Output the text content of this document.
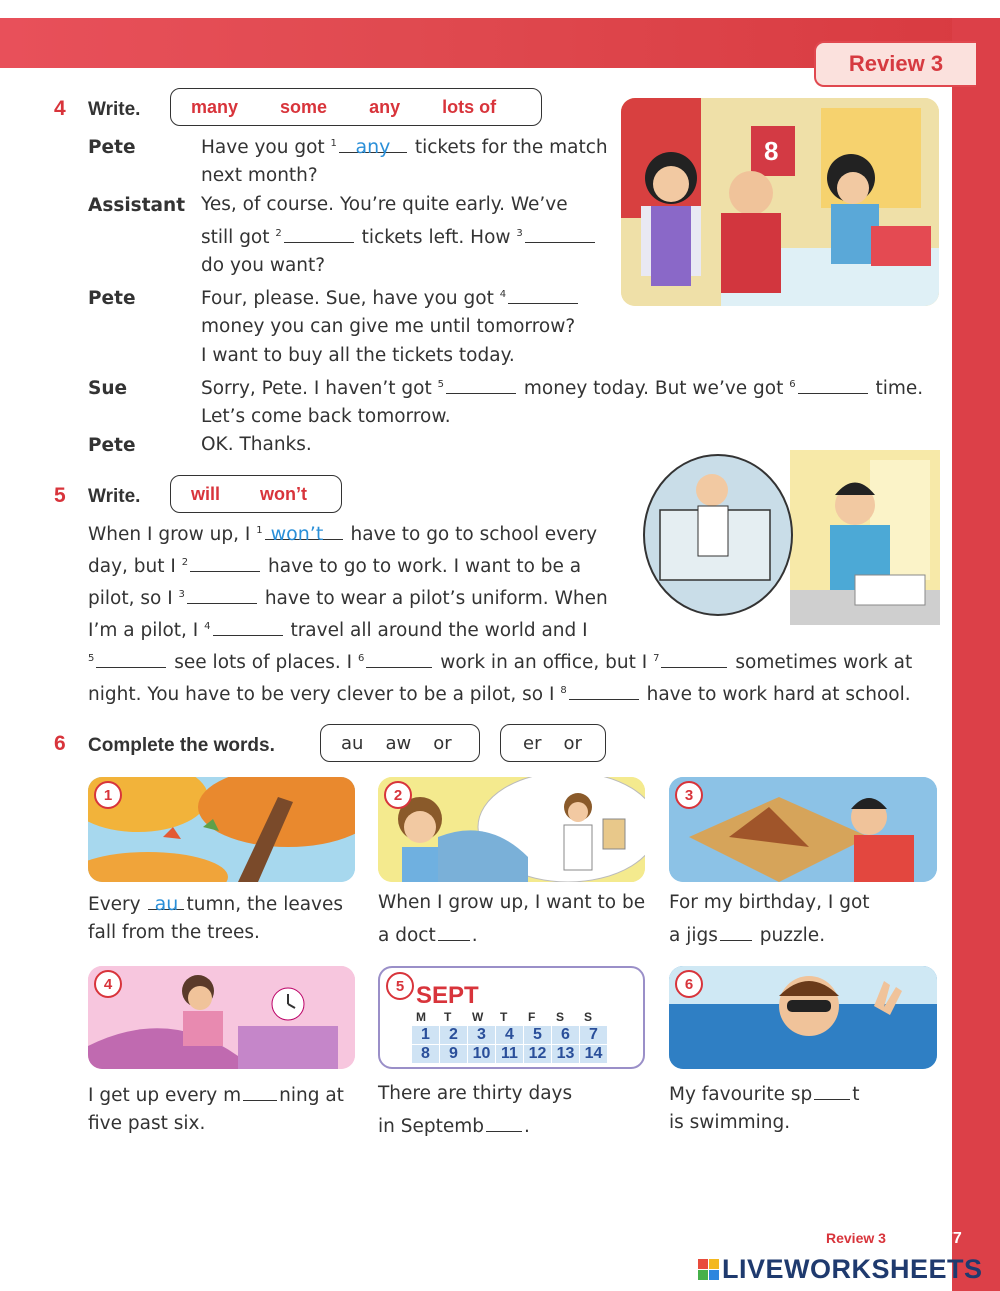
Review 3
4 Write.	many some any lots of
Pete	Have you got $^1$ any tickets for the match
next month?
Assistant Yes, of course. You’re quite early. We’ve
still got $^2$	tickets left. How $^3$
do you want?
Pete	Four, please. Sue, have you got $^4$
money you can give me until tomorrow?
I want to buy all the tickets today.
Sue	Sorry, Pete. I haven’t got $^5$	money today. But we’ve got $^6$	time.
Let’s come back tomorrow.
Pete	OK. Thanks.
8
5 Write.	will won’t
When I grow up, I $^1$ won’t have to go to school every
day, but I $^2$	have to go to work. I want to be a
pilot, so I $^3$	have to wear a pilot’s uniform. When
I’m a pilot, I $^4$	travel all around the world and I
$^5$	see lots of places. I $^6$	work in an office, but I $^7$	sometimes work at
night. You have to be very clever to be a pilot, so I $^8$	have to work hard at school.
6 Complete the words.	au aw or	er or
1
Every au tumn, the leaves
fall from the trees.
2
When I grow up, I want to be
a doct .
3
For my birthday, I got
a jigs puzzle.
4
I get up every m ning at
five past six.
SEPT
M	T	W	T	F	S	S
1	2	3	4	5	6	7
8	9 10 11 12 13 14
5
There are thirty days
in Septemb .
6
My favourite sp t
is swimming.
Review 3	77
LIVEWORKSHEETS
